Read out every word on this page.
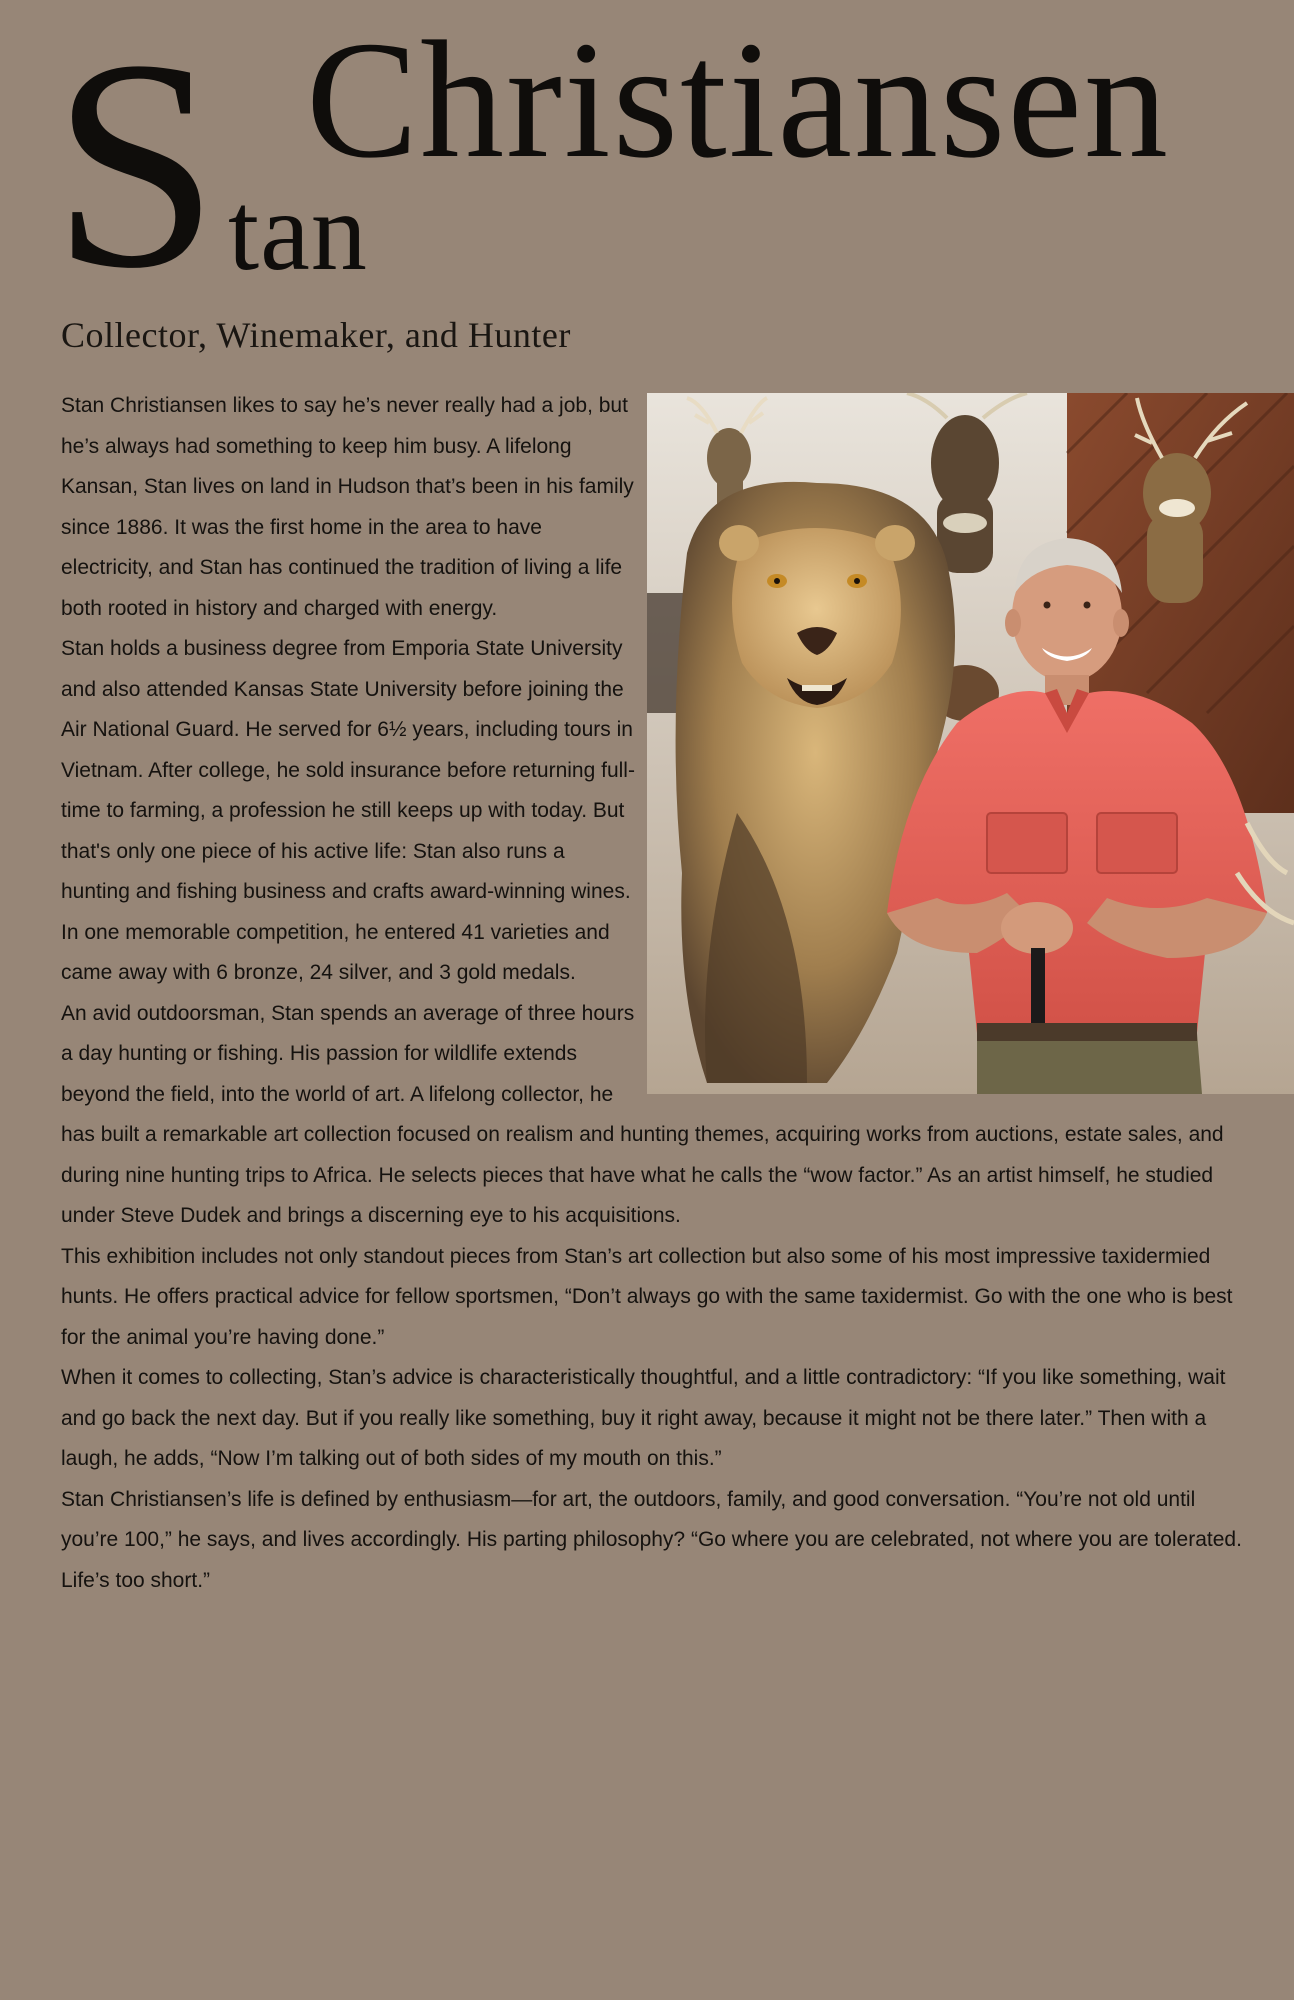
S tan
Christiansen
Collector, Winemaker, and Hunter

Stan Christiansen likes to say he’s never really had a job, but he’s always had something to keep him busy. A lifelong Kansan, Stan lives on land in Hudson that’s been in his family since 1886. It was the first home in the area to have electricity, and Stan has continued the tradition of living a life both rooted in history and charged with energy.

Stan holds a business degree from Emporia State University and also attended Kansas State University before joining the Air National Guard. He served for 6½ years, including tours in Vietnam. After college, he sold insurance before returning full-time to farming, a profession he still keeps up with today. But that's only one piece of his active life: Stan also runs a hunting and fishing business and crafts award-winning wines. In one memorable competition, he entered 41 varieties and came away with 6 bronze, 24 silver, and 3 gold medals.

An avid outdoorsman, Stan spends an average of three hours a day hunting or fishing. His passion for wildlife extends beyond the field, into the world of art. A lifelong collector, he has built a remarkable art collection focused on realism and hunting themes, acquiring works from auctions, estate sales, and during nine hunting trips to Africa. He selects pieces that have what he calls the “wow factor.” As an artist himself, he studied under Steve Dudek and brings a discerning eye to his acquisitions.

This exhibition includes not only standout pieces from Stan’s art collection but also some of his most impressive taxidermied hunts. He offers practical advice for fellow sportsmen, “Don’t always go with the same taxidermist. Go with the one who is best for the animal you’re having done.”

When it comes to collecting, Stan’s advice is characteristically thoughtful, and a little contradictory: “If you like something, wait and go back the next day. But if you really like something, buy it right away, because it might not be there later.” Then with a laugh, he adds, “Now I’m talking out of both sides of my mouth on this.”

Stan Christiansen’s life is defined by enthusiasm—for art, the outdoors, family, and good conversation. “You’re not old until you’re 100,” he says, and lives accordingly. His parting philosophy? “Go where you are celebrated, not where you are tolerated. Life’s too short.”
